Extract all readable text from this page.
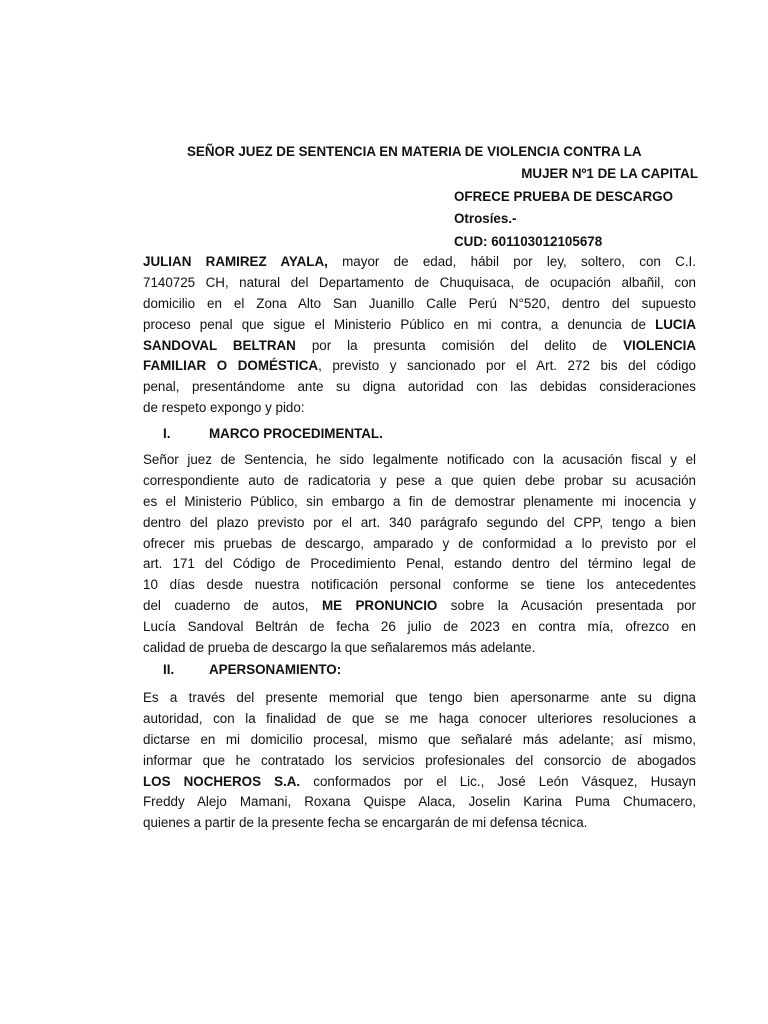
SEÑOR JUEZ DE SENTENCIA EN MATERIA DE VIOLENCIA CONTRA LA
MUJER Nº1 DE LA CAPITAL
OFRECE PRUEBA DE DESCARGO
Otrosíes.-
CUD: 601103012105678
JULIAN RAMIREZ AYALA, mayor de edad, hábil por ley, soltero, con C.I.
7140725 CH, natural del Departamento de Chuquisaca, de ocupación albañil, con
domicilio en el Zona Alto San Juanillo Calle Perú N°520, dentro del supuesto
proceso penal que sigue el Ministerio Público en mi contra, a denuncia de LUCIA
SANDOVAL BELTRAN por la presunta comisión del delito de VIOLENCIA
FAMILIAR O DOMÉSTICA, previsto y sancionado por el Art. 272 bis del código
penal, presentándome ante su digna autoridad con las debidas consideraciones
de respeto expongo y pido:
I.	MARCO PROCEDIMENTAL.
Señor juez de Sentencia, he sido legalmente notificado con la acusación fiscal y el
correspondiente auto de radicatoria y pese a que quien debe probar su acusación
es el Ministerio Público, sin embargo a fin de demostrar plenamente mi inocencia y
dentro del plazo previsto por el art. 340 parágrafo segundo del CPP, tengo a bien
ofrecer mis pruebas de descargo, amparado y de conformidad a lo previsto por el
art. 171 del Código de Procedimiento Penal, estando dentro del término legal de
10 días desde nuestra notificación personal conforme se tiene los antecedentes
del cuaderno de autos, ME PRONUNCIO sobre la Acusación presentada por
Lucía Sandoval Beltrán de fecha 26 julio de 2023 en contra mía, ofrezco en
calidad de prueba de descargo la que señalaremos más adelante.
II.	APERSONAMIENTO:
Es a través del presente memorial que tengo bien apersonarme ante su digna
autoridad, con la finalidad de que se me haga conocer ulteriores resoluciones a
dictarse en mi domicilio procesal, mismo que señalaré más adelante; así mismo,
informar que he contratado los servicios profesionales del consorcio de abogados
LOS NOCHEROS S.A. conformados por el Lic., José León Vásquez, Husayn
Freddy Alejo Mamani, Roxana Quispe Alaca, Joselin Karina Puma Chumacero,
quienes a partir de la presente fecha se encargarán de mi defensa técnica.
